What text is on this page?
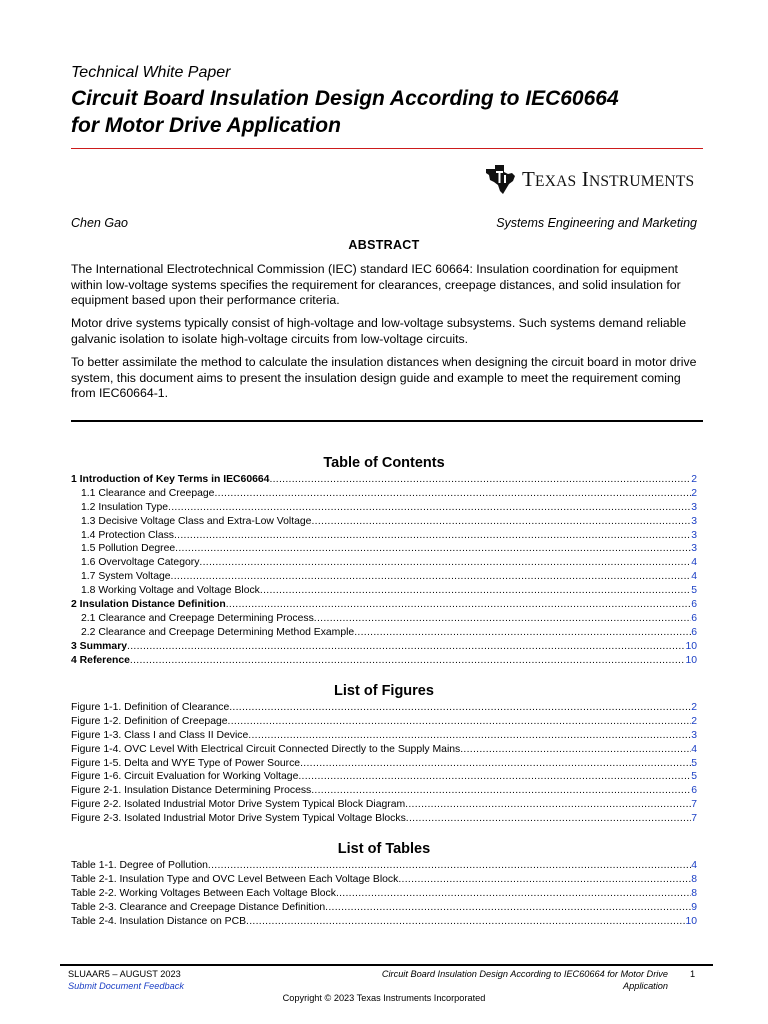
Technical White Paper
Circuit Board Insulation Design According to IEC60664
for Motor Drive Application
TEXAS INSTRUMENTS
Chen Gao	Systems Engineering and Marketing
ABSTRACT
The International Electrotechnical Commission (IEC) standard IEC 60664: Insulation coordination for equipment within low-voltage systems specifies the requirement for clearances, creepage distances, and solid insulation for equipment based upon their performance criteria.
Motor drive systems typically consist of high-voltage and low-voltage subsystems. Such systems demand reliable galvanic isolation to isolate high-voltage circuits from low-voltage circuits.
To better assimilate the method to calculate the insulation distances when designing the circuit board in motor drive system, this document aims to present the insulation design guide and example to meet the requirement coming from IEC60664-1.
Table of Contents
1 Introduction of Key Terms in IEC60664 .....	2
1.1 Clearance and Creepage .....	2
1.2 Insulation Type .....	3
1.3 Decisive Voltage Class and Extra-Low Voltage .....	3
1.4 Protection Class .....	3
1.5 Pollution Degree .....	3
1.6 Overvoltage Category .....	4
1.7 System Voltage .....	4
1.8 Working Voltage and Voltage Block .....	5
2 Insulation Distance Definition .....	6
2.1 Clearance and Creepage Determining Process .....	6
2.2 Clearance and Creepage Determining Method Example .....	6
3 Summary .....	10
4 Reference .....	10
List of Figures
Figure 1-1. Definition of Clearance .....	2
Figure 1-2. Definition of Creepage .....	2
Figure 1-3. Class I and Class II Device .....	3
Figure 1-4. OVC Level With Electrical Circuit Connected Directly to the Supply Mains .....	4
Figure 1-5. Delta and WYE Type of Power Source .....	5
Figure 1-6. Circuit Evaluation for Working Voltage .....	5
Figure 2-1. Insulation Distance Determining Process .....	6
Figure 2-2. Isolated Industrial Motor Drive System Typical Block Diagram .....	7
Figure 2-3. Isolated Industrial Motor Drive System Typical Voltage Blocks .....	7
List of Tables
Table 1-1. Degree of Pollution .....	4
Table 2-1. Insulation Type and OVC Level Between Each Voltage Block .....	8
Table 2-2. Working Voltages Between Each Voltage Block .....	8
Table 2-3. Clearance and Creepage Distance Definition .....	9
Table 2-4. Insulation Distance on PCB .....	10
SLUAAR5 – AUGUST 2023
Submit Document Feedback
Circuit Board Insulation Design According to IEC60664 for Motor Drive
Application
1
Copyright © 2023 Texas Instruments Incorporated
